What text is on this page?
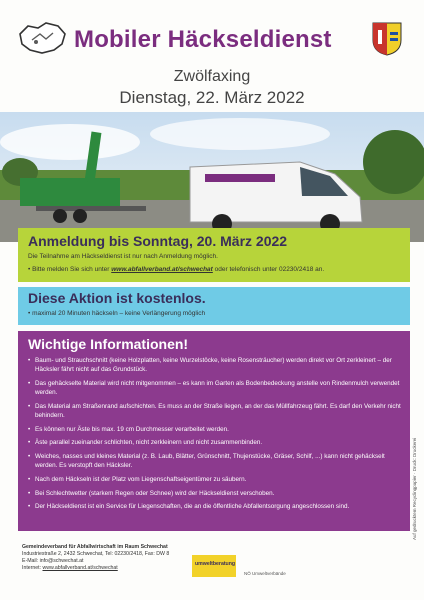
Mobiler Häckseldienst
Zwölfaxing
Dienstag, 22. März 2022
Anmeldung bis Sonntag, 20. März 2022
Die Teilnahme am Häckseldienst ist nur nach Anmeldung möglich.
• Bitte melden Sie sich unter www.abfallverband.at/schwechat oder telefonisch unter 02230/2418 an.
Diese Aktion ist kostenlos.
• maximal 20 Minuten häckseln – keine Verlängerung möglich
Wichtige Informationen!
• Baum- und Strauchschnitt (keine Holzplatten, keine Wurzelstöcke, keine Rosensträucher) werden direkt vor Ort zerkleinert – der Häcksler fährt nicht auf das Grundstück.
• Das gehäckselte Material wird nicht mitgenommen – es kann im Garten als Bodenbedeckung anstelle von Rindenmulch verwendet werden.
• Das Material am Straßenrand aufschichten. Es muss an der Straße liegen, an der das Müllfahrzeug fährt. Es darf den Verkehr nicht behindern.
• Es können nur Äste bis max. 19 cm Durchmesser verarbeitet werden.
• Äste parallel zueinander schlichten, nicht zerkleinern und nicht zusammenbinden.
• Weiches, nasses und kleines Material (z. B. Laub, Blätter, Grünschnitt, Thujenstücke, Gräser, Schilf, ...) kann nicht gehäckselt werden. Es verstopft den Häcksler.
• Nach dem Häckseln ist der Platz vom Liegenschaftseigentümer zu säubern.
• Bei Schlechtwetter (starkem Regen oder Schnee) wird der Häckseldienst verschoben.
• Der Häckseldienst ist ein Service für Liegenschaften, die an die öffentliche Abfallentsorgung angeschlossen sind.
Gemeindeverband für Abfallwirtschaft im Raum Schwechat
Industriestraße 2, 2432 Schwechat, Tel: 02230/2418, Fax: DW 8
E-Mail: info@schwechat.at
Internet: www.abfallverband.at/schwechat
umweltberatung
NÖ Umweltverbände
Auf gedrucktem Recyclingpapier · Druck: Druckerei
